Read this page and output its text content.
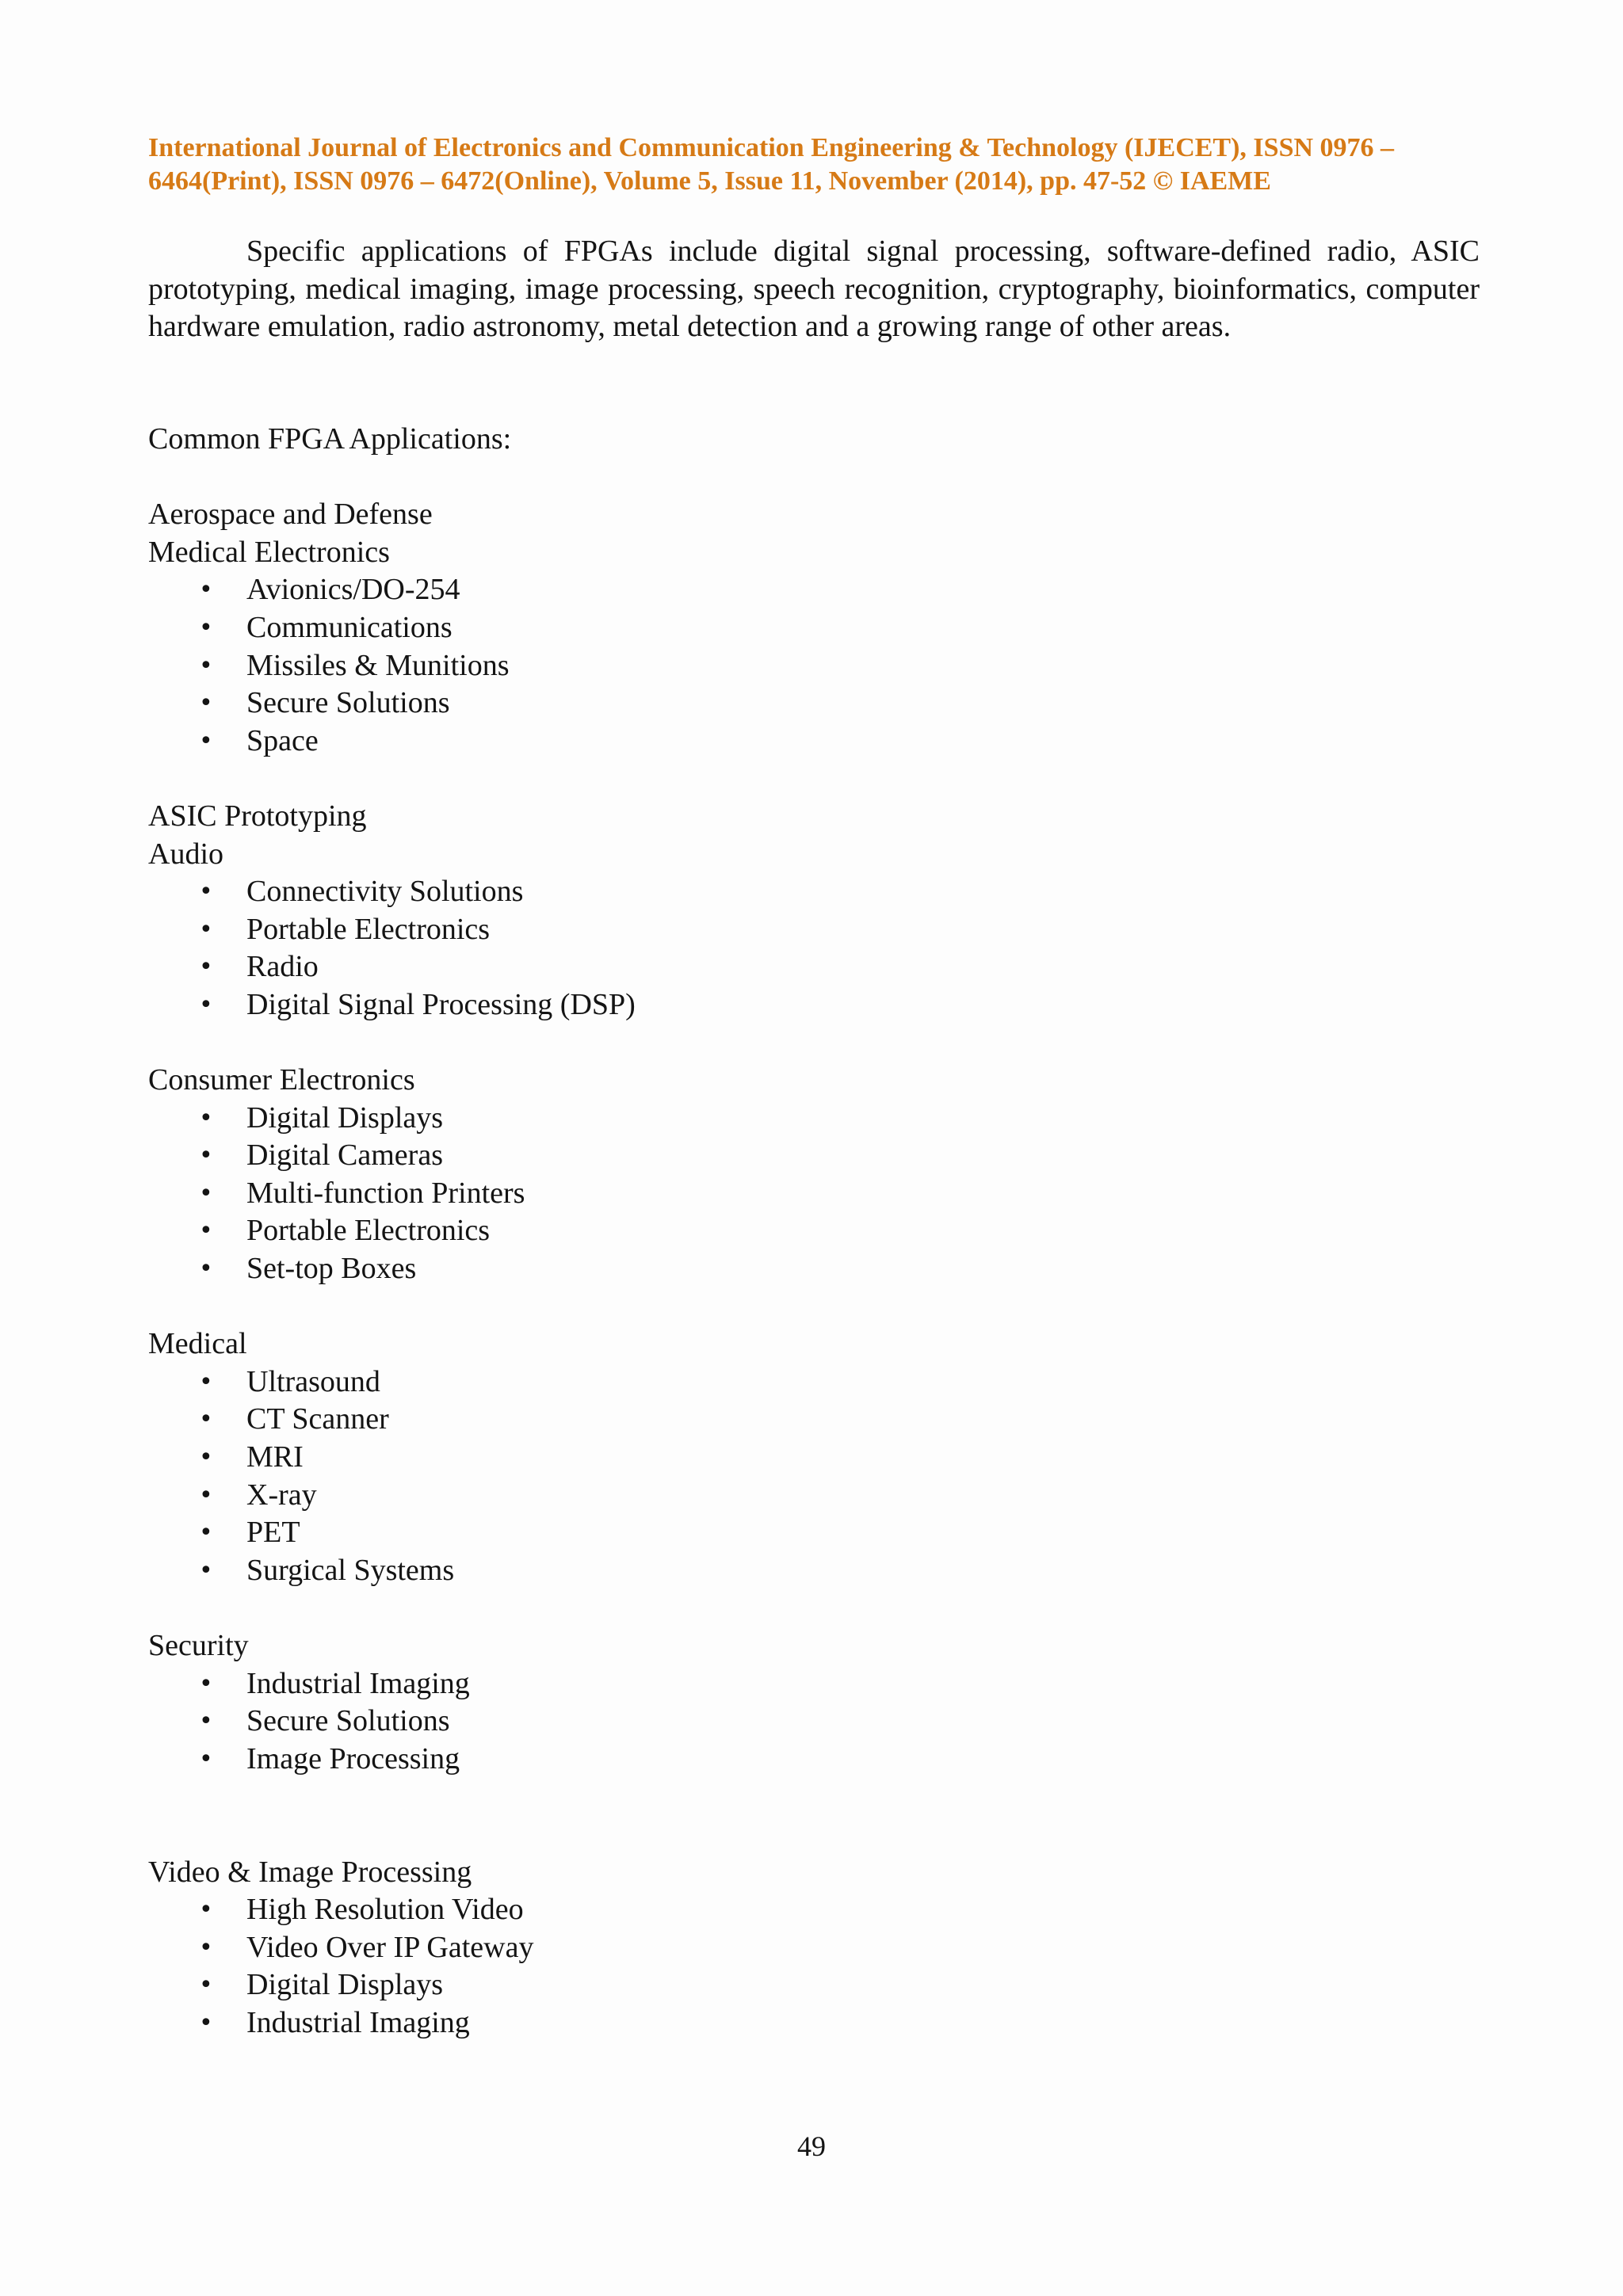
International Journal of Electronics and Communication Engineering & Technology (IJECET), ISSN 0976 –
6464(Print), ISSN 0976 – 6472(Online), Volume 5, Issue 11, November (2014), pp. 47-52 © IAEME

Specific applications of FPGAs include digital signal processing, software-defined radio, ASIC prototyping, medical imaging, image processing, speech recognition, cryptography, bioinformatics, computer hardware emulation, radio astronomy, metal detection and a growing range of other areas.

Common FPGA Applications:
Aerospace and Defense
Medical Electronics
• Avionics/DO-254
• Communications
• Missiles & Munitions
• Secure Solutions
• Space
ASIC Prototyping
Audio
• Connectivity Solutions
• Portable Electronics
• Radio
• Digital Signal Processing (DSP)
Consumer Electronics
• Digital Displays
• Digital Cameras
• Multi-function Printers
• Portable Electronics
• Set-top Boxes
Medical
• Ultrasound
• CT Scanner
• MRI
• X-ray
• PET
• Surgical Systems
Security
• Industrial Imaging
• Secure Solutions
• Image Processing
Video & Image Processing
• High Resolution Video
• Video Over IP Gateway
• Digital Displays
• Industrial Imaging
49
